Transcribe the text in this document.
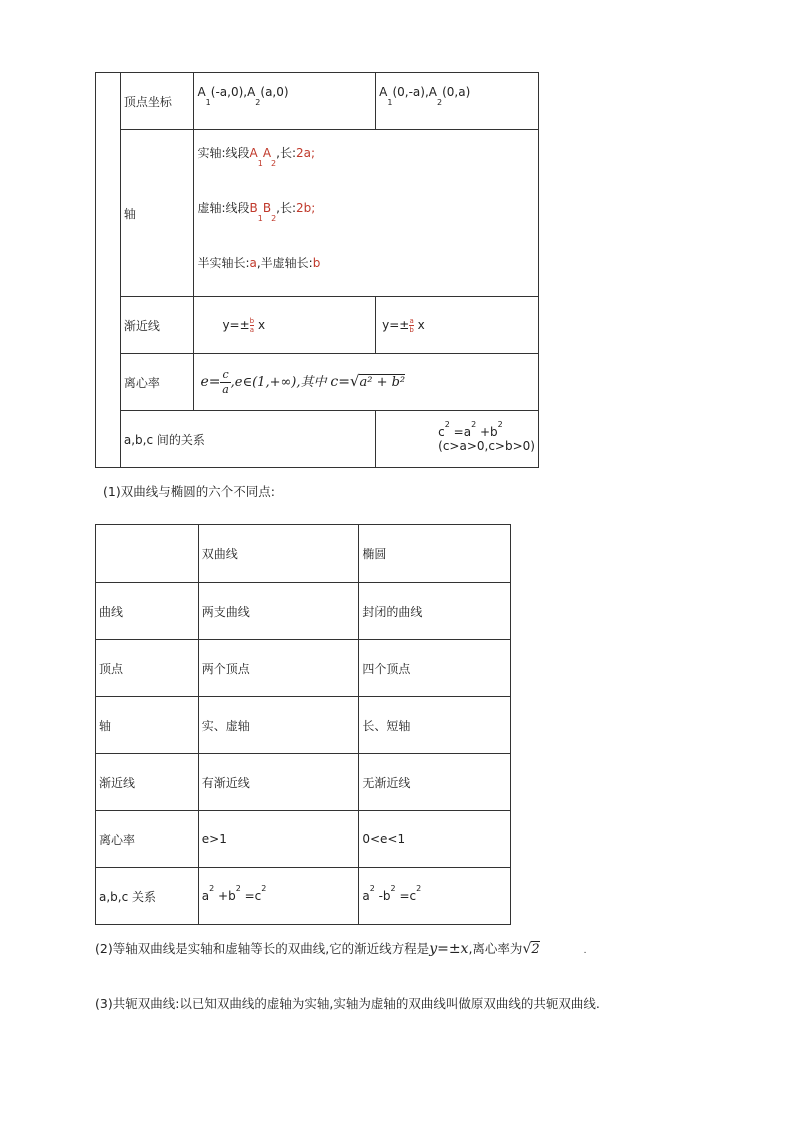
	顶点坐标	$A_1(-a,0),A_2(a,0)$	$A_1(0,-a),A_2(0,a)$
	轴	实轴:线段$A_1A_2$,长:2a;
虚轴:线段$B_1B_2$,长:2b;
半实轴长:a,半虚轴长:b	

	渐近线	$y=\pm \frac{b}{a}$ x	$y=\pm \frac{a}{b}$ x
	离心率	$e= \frac{c}{a}$ ,e∈(1,+∞),其中 c=√a² + b²	
	a,b,c 间的关系		$c^2 =a^2 +b^2$ (c>a>0,c>b>0)
(1)双曲线与椭圆的六个不同点:
	双曲线	椭圆
曲线	两支曲线	封闭的曲线
顶点	两个顶点	四个顶点
轴	实、虚轴	长、短轴
渐近线	有渐近线	无渐近线
离心率	e>1	0<e<1
a,b,c 关系	$a^2 +b^2 =c^2$	$a^2$ $-b^2 =c^2$
(2)等轴双曲线是实轴和虚轴等长的双曲线,它的渐近线方程是y=±x,离心率为√2	.
(3)共轭双曲线:以已知双曲线的虚轴为实轴,实轴为虚轴的双曲线叫做原双曲线的共轭双曲线.
